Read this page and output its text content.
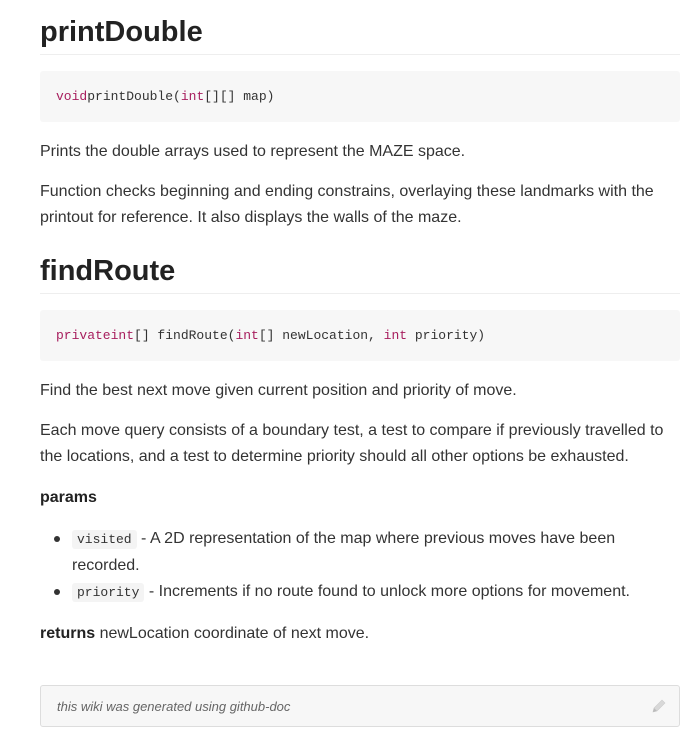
printDouble
void printDouble( int [][] map)

Prints the double arrays used to represent the MAZE space.

Function checks beginning and ending constrains, overlaying these landmarks with the printout for reference. It also displays the walls of the maze.

findRoute
private int [] findRoute( int [] newLocation, int priority)

Find the best next move given current position and priority of move.

Each move query consists of a boundary test, a test to compare if previously travelled to the locations, and a test to determine priority should all other options be exhausted.

params

visited - A 2D representation of the map where previous moves have been recorded.
priority - Increments if no route found to unlock more options for movement.

returns newLocation coordinate of next move.

this wiki was generated using github-doc
